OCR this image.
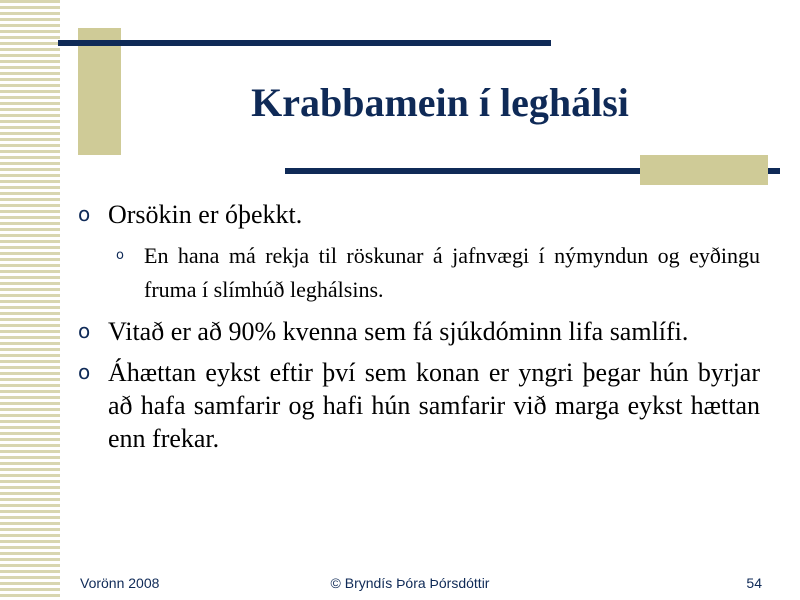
Krabbamein í leghálsi
o Orsökin er óþekkt.
o En hana má rekja til röskunar á jafnvægi í nýmyndun og eyðingu fruma í slímhúð leghálsins.
o Vitað er að 90% kvenna sem fá sjúkdóminn lifa samlífi.
o Áhættan eykst eftir því sem konan er yngri þegar hún byrjar að hafa samfarir og hafi hún samfarir við marga eykst hættan enn frekar.
Vorönn 2008	© Bryndís Þóra Þórsdóttir	54
